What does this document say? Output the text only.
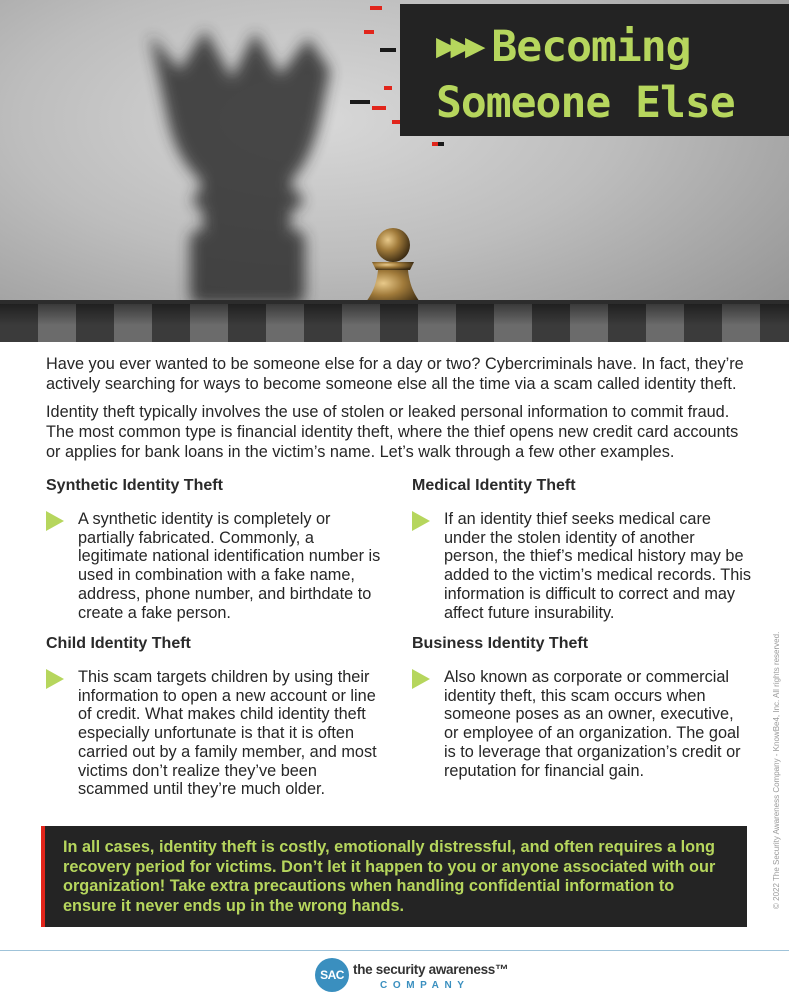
▶▶▶ Becoming
Someone Else

Have you ever wanted to be someone else for a day or two? Cybercriminals have. In fact, they’re actively searching for ways to become someone else all the time via a scam called identity theft.

Identity theft typically involves the use of stolen or leaked personal information to commit fraud. The most common type is financial identity theft, where the thief opens new credit card accounts or applies for bank loans in the victim’s name. Let’s walk through a few other examples.

Synthetic Identity Theft

A synthetic identity is completely or partially fabricated. Commonly, a legitimate national identification number is used in combination with a fake name, address, phone number, and birthdate to create a fake person.

Medical Identity Theft

If an identity thief seeks medical care under the stolen identity of another person, the thief’s medical history may be added to the victim’s medical records. This information is difficult to correct and may affect future insurability.

Child Identity Theft

This scam targets children by using their information to open a new account or line of credit. What makes child identity theft especially unfortunate is that it is often carried out by a family member, and most victims don’t realize they’ve been scammed until they’re much older.

Business Identity Theft

Also known as corporate or commercial identity theft, this scam occurs when someone poses as an owner, executive, or employee of an organization. The goal is to leverage that organization’s credit or reputation for financial gain.

In all cases, identity theft is costly, emotionally distressful, and often requires a long recovery period for victims. Don’t let it happen to you or anyone associated with our organization! Take extra precautions when handling confidential information to ensure it never ends up in the wrong hands.	© 2022 The Security Awareness Company - KnowBe4, Inc. All rights reserved.
SAC the security awareness™
COMPANY
